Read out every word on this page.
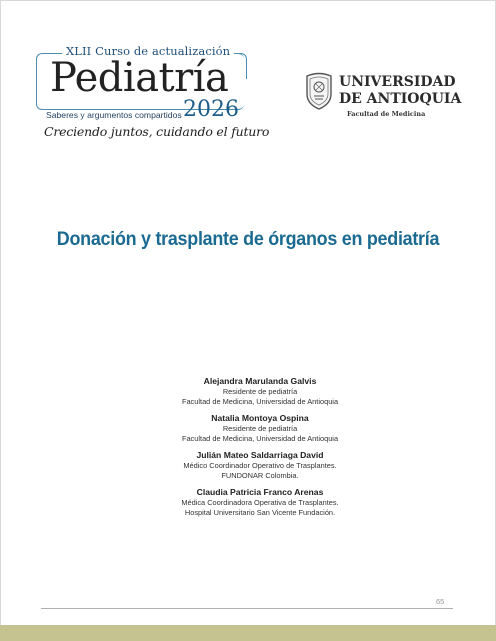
XLII Curso de actualización
Pediatría
Saberes y argumentos compartidos 2026
Creciendo juntos, cuidando el futuro
UNIVERSIDAD
DE ANTIOQUIA
Facultad de Medicina
Donación y trasplante de órganos en pediatría
Alejandra Marulanda Galvis
Residente de pediatría
Facultad de Medicina, Universidad de Antioquia
Natalia Montoya Ospina
Residente de pediatría
Facultad de Medicina, Universidad de Antioquia
Julián Mateo Saldarriaga David
Médico Coordinador Operativo de Trasplantes.
FUNDONAR Colombia.
Claudia Patricia Franco Arenas
Médica Coordinadora Operativa de Trasplantes.
Hospital Universitario San Vicente Fundación.
65
